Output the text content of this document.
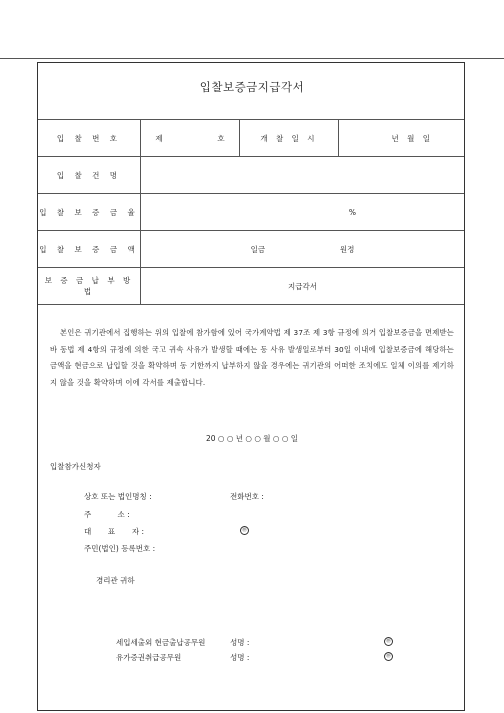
입찰보증금지급각서
입 찰 번 호	제 호	개 찰 일 시	년 월 일
입 찰 건 명			
입 찰 보 증 금 율	%		
입 찰 보 증 금 액	일금 원정		
보 증 금 납 부 방 법	지급각서		
본인은 귀기관에서 집행하는 위의 입찰에 참가함에 있어 국가계약법 제 37조 제 3항 규정에 의거 입찰보증금을 면제받는바 동법 제 4항의 규정에 의한 국고 귀속 사유가 발생할 때에는 동 사유 발생일로부터 30일 이내에 입찰보증금에 해당하는 금액을 현금으로 납입할 것을 확약하며 동 기한까지 납부하지 않을 경우에는 귀기관의 어떠한 조치에도 일체 이의를 제기하지 않을 것을 확약하며 이에 각서를 제출합니다.
20 ○ ○ 년 ○ ○ 월 ○ ○ 일
입찰참가신청자
상호 또는 법인명칭 :	전화번호 :
주           소 :
대       표       자 :	㊞
주민(법인) 등록번호 :
경리관 귀하
세입세출외 현금출납공무원	성명 :	㊞
유가증권취급공무원	성명 :	㊞
